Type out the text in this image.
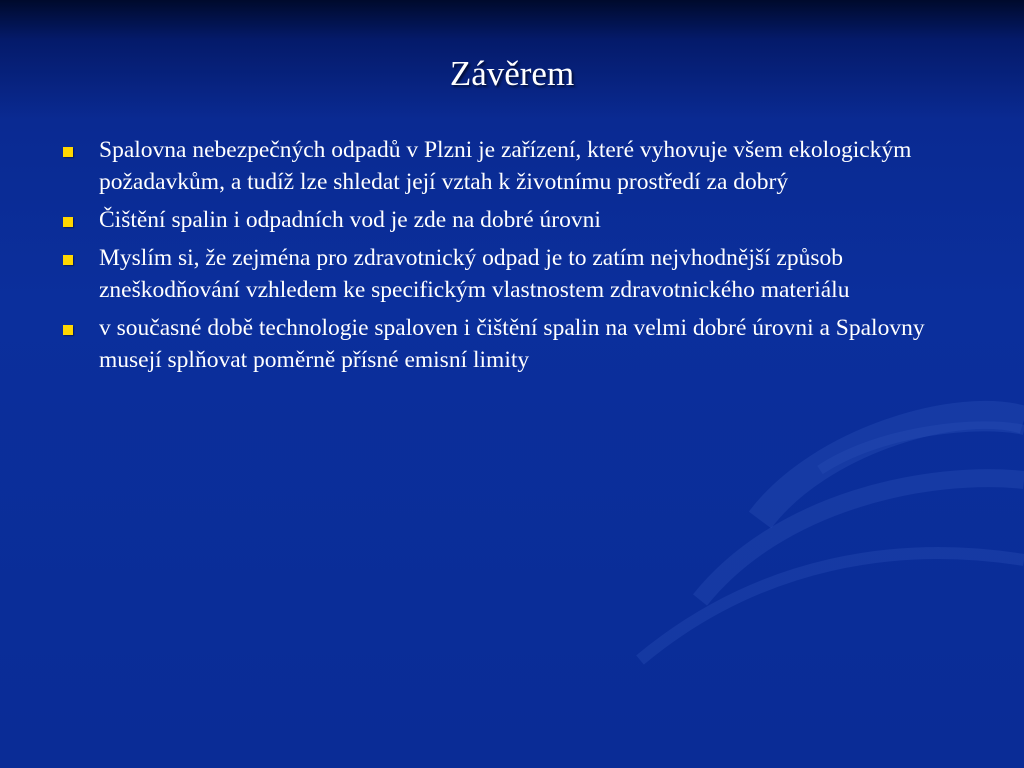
Závěrem
Spalovna nebezpečných odpadů v Plzni je zařízení, které vyhovuje všem ekologickým požadavkům, a tudíž lze shledat její vztah k životnímu prostředí za dobrý
Čištění spalin i odpadních vod je zde na dobré úrovni
Myslím si, že zejména pro zdravotnický odpad je to zatím nejvhodnější způsob zneškodňování vzhledem ke specifickým vlastnostem zdravotnického materiálu
v současné době technologie spaloven i čištění spalin na velmi dobré úrovni a Spalovny musejí splňovat poměrně přísné emisní limity
